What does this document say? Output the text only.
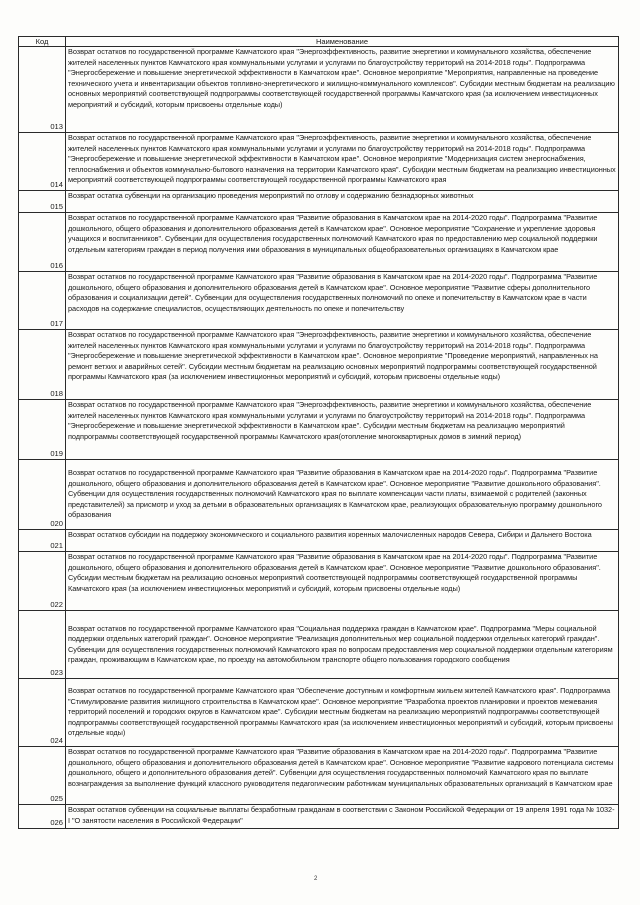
Код	Наименование
013	Возврат остатков по государственной программе Камчатского края "Энергоэффективность, развитие энергетики и коммунального хозяйства, обеспечение жителей населенных пунктов Камчатского края коммунальными услугами и услугами по благоустройству территорий на 2014-2018 годы". Подпрограмма "Энергосбережение и повышение энергетической эффективности в Камчатском крае". Основное мероприятие "Мероприятия, направленные на проведение технического учета и инвентаризации объектов топливно-энергетического и жилищно-коммунального комплексов". Субсидии местным бюджетам на реализацию основных мероприятий соответствующей подпрограммы соответствующей государственной программы Камчатского края (за исключением инвестиционных мероприятий и субсидий, которым присвоены отдельные коды)
014	Возврат остатков по государственной программе Камчатского края "Энергоэффективность, развитие энергетики и коммунального хозяйства, обеспечение жителей населенных пунктов Камчатского края коммунальными услугами и услугами по благоустройству территорий на 2014-2018 годы". Подпрограмма "Энергосбережение и повышение энергетической эффективности в Камчатском крае". Основное мероприятие "Модернизация систем энергоснабжения, теплоснабжения и объектов коммунально-бытового назначения на территории Камчатского края". Субсидии местным бюджетам на реализацию инвестиционных мероприятий соответствующей подпрограммы соответствующей государственной программы Камчатского края
015	Возврат остатка субвенции на организацию проведения мероприятий по отлову и содержанию безнадзорных животных
016	Возврат остатков по государственной программе Камчатского края "Развитие образования в Камчатском крае на 2014-2020 годы". Подпрограмма "Развитие дошкольного, общего образования и дополнительного образования детей в Камчатском крае". Основное мероприятие "Сохранение и укрепление здоровья учащихся и воспитанников". Субвенции для осуществления государственных полномочий Камчатского края по предоставлению мер социальной поддержки отдельным категориям граждан в период получения ими образования в муниципальных общеобразовательных организациях в Камчатском крае
017	Возврат остатков по государственной программе Камчатского края "Развитие образования в Камчатском крае на 2014-2020 годы". Подпрограмма "Развитие дошкольного, общего образования и дополнительного образования детей в Камчатском крае". Основное мероприятие "Развитие сферы дополнительного образования и социализации детей". Субвенции для осуществления государственных полномочий по опеке и попечительству в Камчатском крае в части расходов на содержание специалистов, осуществляющих деятельность по опеке и попечительству
018	Возврат остатков по государственной программе Камчатского края "Энергоэффективность, развитие энергетики и коммунального хозяйства, обеспечение жителей населенных пунктов Камчатского края коммунальными услугами и услугами по благоустройству территорий на 2014-2018 годы". Подпрограмма "Энергосбережение и повышение энергетической эффективности в Камчатском крае". Основное мероприятие "Проведение мероприятий, направленных на ремонт ветхих и аварийных сетей". Субсидии местным бюджетам на реализацию основных мероприятий подпрограммы соответствующей государственной программы Камчатского края (за исключением инвестиционных мероприятий и субсидий, которым присвоены отдельные коды)
019	Возврат остатков по государственной программе Камчатского края "Энергоэффективность, развитие энергетики и коммунального хозяйства, обеспечение жителей населенных пунктов Камчатского края коммунальными услугами и услугами по благоустройству территорий на 2014-2018 годы". Подпрограмма "Энергосбережение и повышение энергетической эффективности в Камчатском крае". Субсидии местным бюджетам на реализацию мероприятий подпрограммы соответствующей государственной программы Камчатского края(отопление многоквартирных домов в зимний период)
020	Возврат остатков по государственной программе Камчатского края "Развитие образования в Камчатском крае на 2014-2020 годы". Подпрограмма "Развитие дошкольного, общего образования и дополнительного образования детей в Камчатском крае". Основное мероприятие "Развитие дошкольного образования". Субвенции для осуществления государственных полномочий Камчатского края по выплате компенсации части платы, взимаемой с родителей (законных представителей) за присмотр и уход за детьми в образовательных организациях в Камчатском крае, реализующих образовательную программу дошкольного образования
021	Возврат остатков субсидии на поддержку экономического и социального развития коренных малочисленных народов Севера, Сибири и Дальнего Востока
022	Возврат остатков по государственной программе Камчатского края "Развитие образования в Камчатском крае на 2014-2020 годы". Подпрограмма "Развитие дошкольного, общего образования и дополнительного образования детей в Камчатском крае". Основное мероприятие "Развитие дошкольного образования". Субсидии местным бюджетам на реализацию основных мероприятий соответствующей подпрограммы соответствующей государственной программы Камчатского края (за исключением инвестиционных мероприятий и субсидий, которым присвоены отдельные коды)
023	Возврат остатков по государственной программе Камчатского края "Социальная поддержка граждан в Камчатском крае". Подпрограмма "Меры социальной поддержки отдельных категорий граждан". Основное мероприятие "Реализация дополнительных мер социальной поддержки отдельных категорий граждан". Субвенции для осуществления государственных полномочий Камчатского края по вопросам предоставления мер социальной поддержки отдельным категориям граждан, проживающим в Камчатском крае, по проезду на автомобильном транспорте общего пользования городского сообщения
024	Возврат остатков по государственной программе Камчатского края "Обеспечение доступным и комфортным жильем жителей Камчатского края". Подпрограмма "Стимулирование развития жилищного строительства в Камчатском крае". Основное мероприятие "Разработка проектов планировки и проектов межевания территорий поселений и городских округов в Камчатском крае". Субсидии местным бюджетам на реализацию мероприятий подпрограммы соответствующей подпрограммы соответствующей государственной программы Камчатского края (за исключением инвестиционных мероприятий и субсидий, которым присвоены отдельные коды)
025	Возврат остатков по государственной программе Камчатского края "Развитие образования в Камчатском крае на 2014-2020 годы". Подпрограмма "Развитие дошкольного, общего образования и дополнительного образования детей в Камчатском крае". Основное мероприятие "Развитие кадрового потенциала системы дошкольного, общего и дополнительного образования детей". Субвенции для осуществления государственных полномочий Камчатского края по выплате вознаграждения за выполнение функций классного руководителя педагогическим работникам муниципальных образовательных организаций в Камчатском крае
026	Возврат остатков субвенции на социальные выплаты безработным гражданам в соответствии с Законом Российской Федерации от 19 апреля 1991 года № 1032-I "О занятости населения в Российской Федерации"
2
